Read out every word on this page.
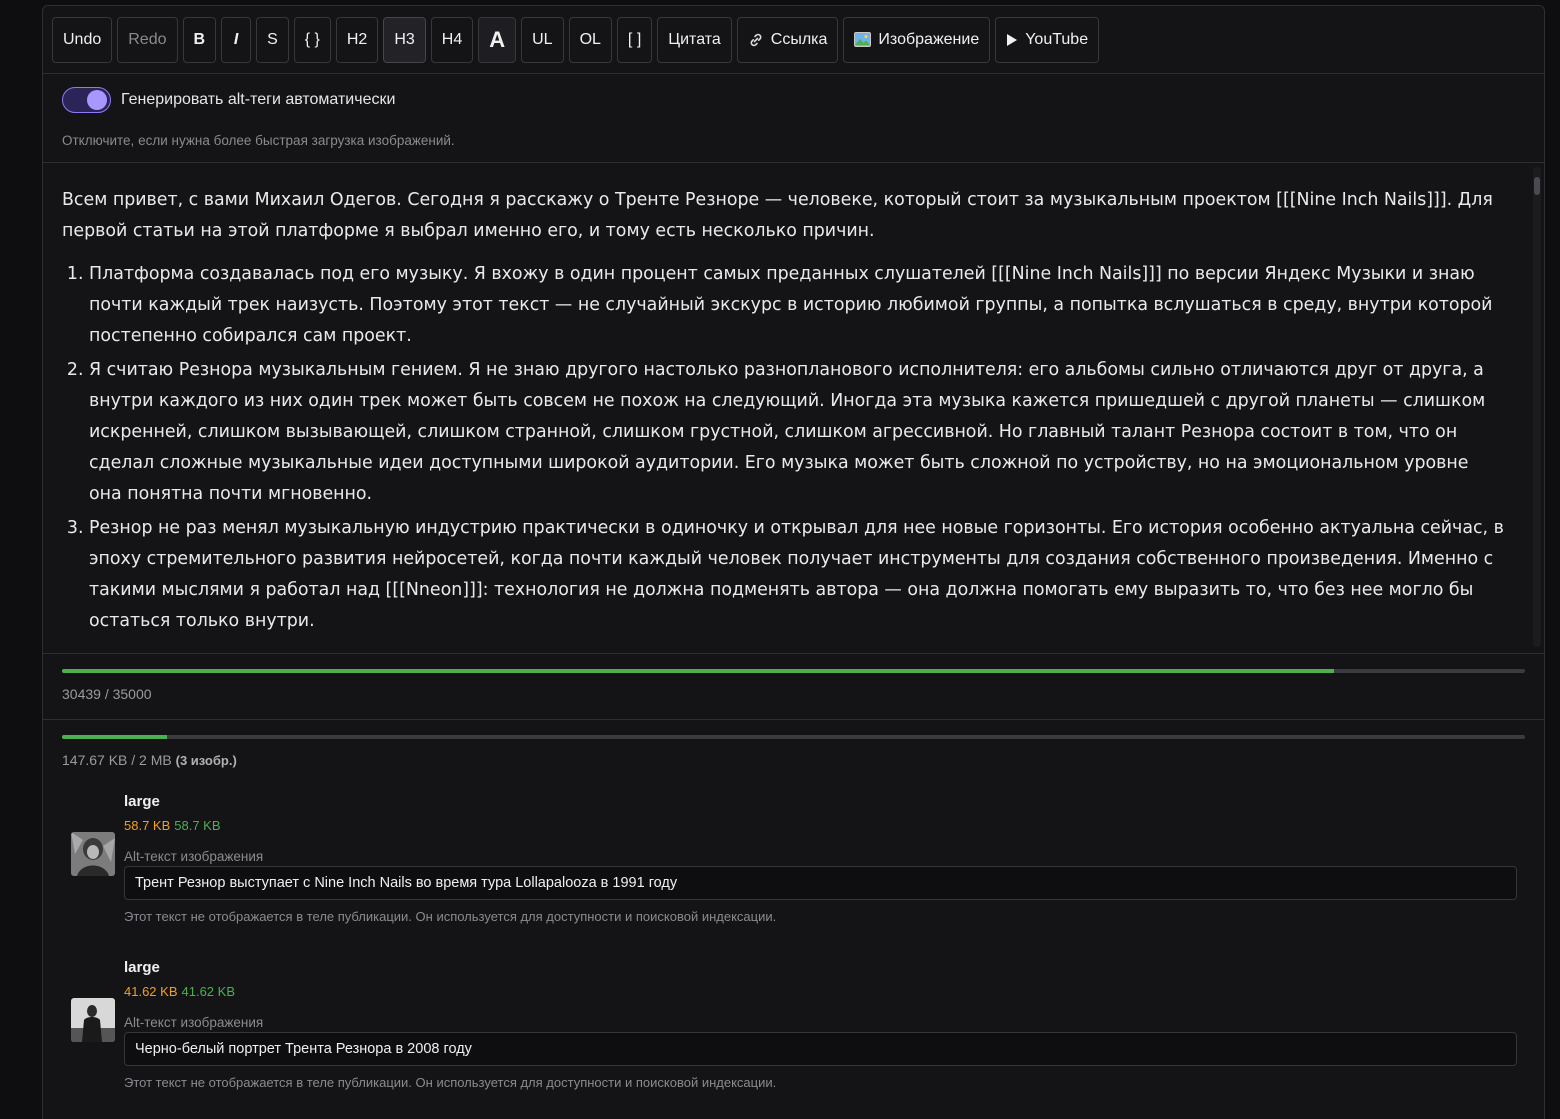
Undo	Redo	B	I	S	{ }	H2	H3	H4	A	UL	OL	[ ]	Цитата	Ссылка	Изображение	YouTube
Генерировать alt-теги автоматически
Отключите, если нужна более быстрая загрузка изображений.

Всем привет, с вами Михаил Одегов. Сегодня я расскажу о Тренте Резноре — человеке, который стоит за музыкальным проектом [[[Nine Inch Nails]]]. Для первой статьи на этой платформе я выбрал именно его, и тому есть несколько причин.

1. Платформа создавалась под его музыку. Я вхожу в один процент самых преданных слушателей [[[Nine Inch Nails]]] по версии Яндекс Музыки и знаю почти каждый трек наизусть. Поэтому этот текст — не случайный экскурс в историю любимой группы, а попытка вслушаться в среду, внутри которой постепенно собирался сам проект.
2. Я считаю Резнора музыкальным гением. Я не знаю другого настолько разнопланового исполнителя: его альбомы сильно отличаются друг от друга, а внутри каждого из них один трек может быть совсем не похож на следующий. Иногда эта музыка кажется пришедшей с другой планеты — слишком искренней, слишком вызывающей, слишком странной, слишком грустной, слишком агрессивной. Но главный талант Резнора состоит в том, что он сделал сложные музыкальные идеи доступными широкой аудитории. Его музыка может быть сложной по устройству, но на эмоциональном уровне она понятна почти мгновенно.
3. Резнор не раз менял музыкальную индустрию практически в одиночку и открывал для нее новые горизонты. Его история особенно актуальна сейчас, в эпоху стремительного развития нейросетей, когда почти каждый человек получает инструменты для создания собственного произведения. Именно с такими мыслями я работал над [[[Nneon]]]: технология не должна подменять автора — она должна помогать ему выразить то, что без нее могло бы остаться только внутри.
30439 / 35000
147.67 KB / 2 MB (3 изобр.)
large
58.7 KB 58.7 KB
Alt-текст изображения
Трент Резнор выступает с Nine Inch Nails во время тура Lollapalooza в 1991 году
Этот текст не отображается в теле публикации. Он используется для доступности и поисковой индексации.
large
41.62 KB 41.62 KB
Alt-текст изображения
Черно-белый портрет Трента Резнора в 2008 году
Этот текст не отображается в теле публикации. Он используется для доступности и поисковой индексации.
